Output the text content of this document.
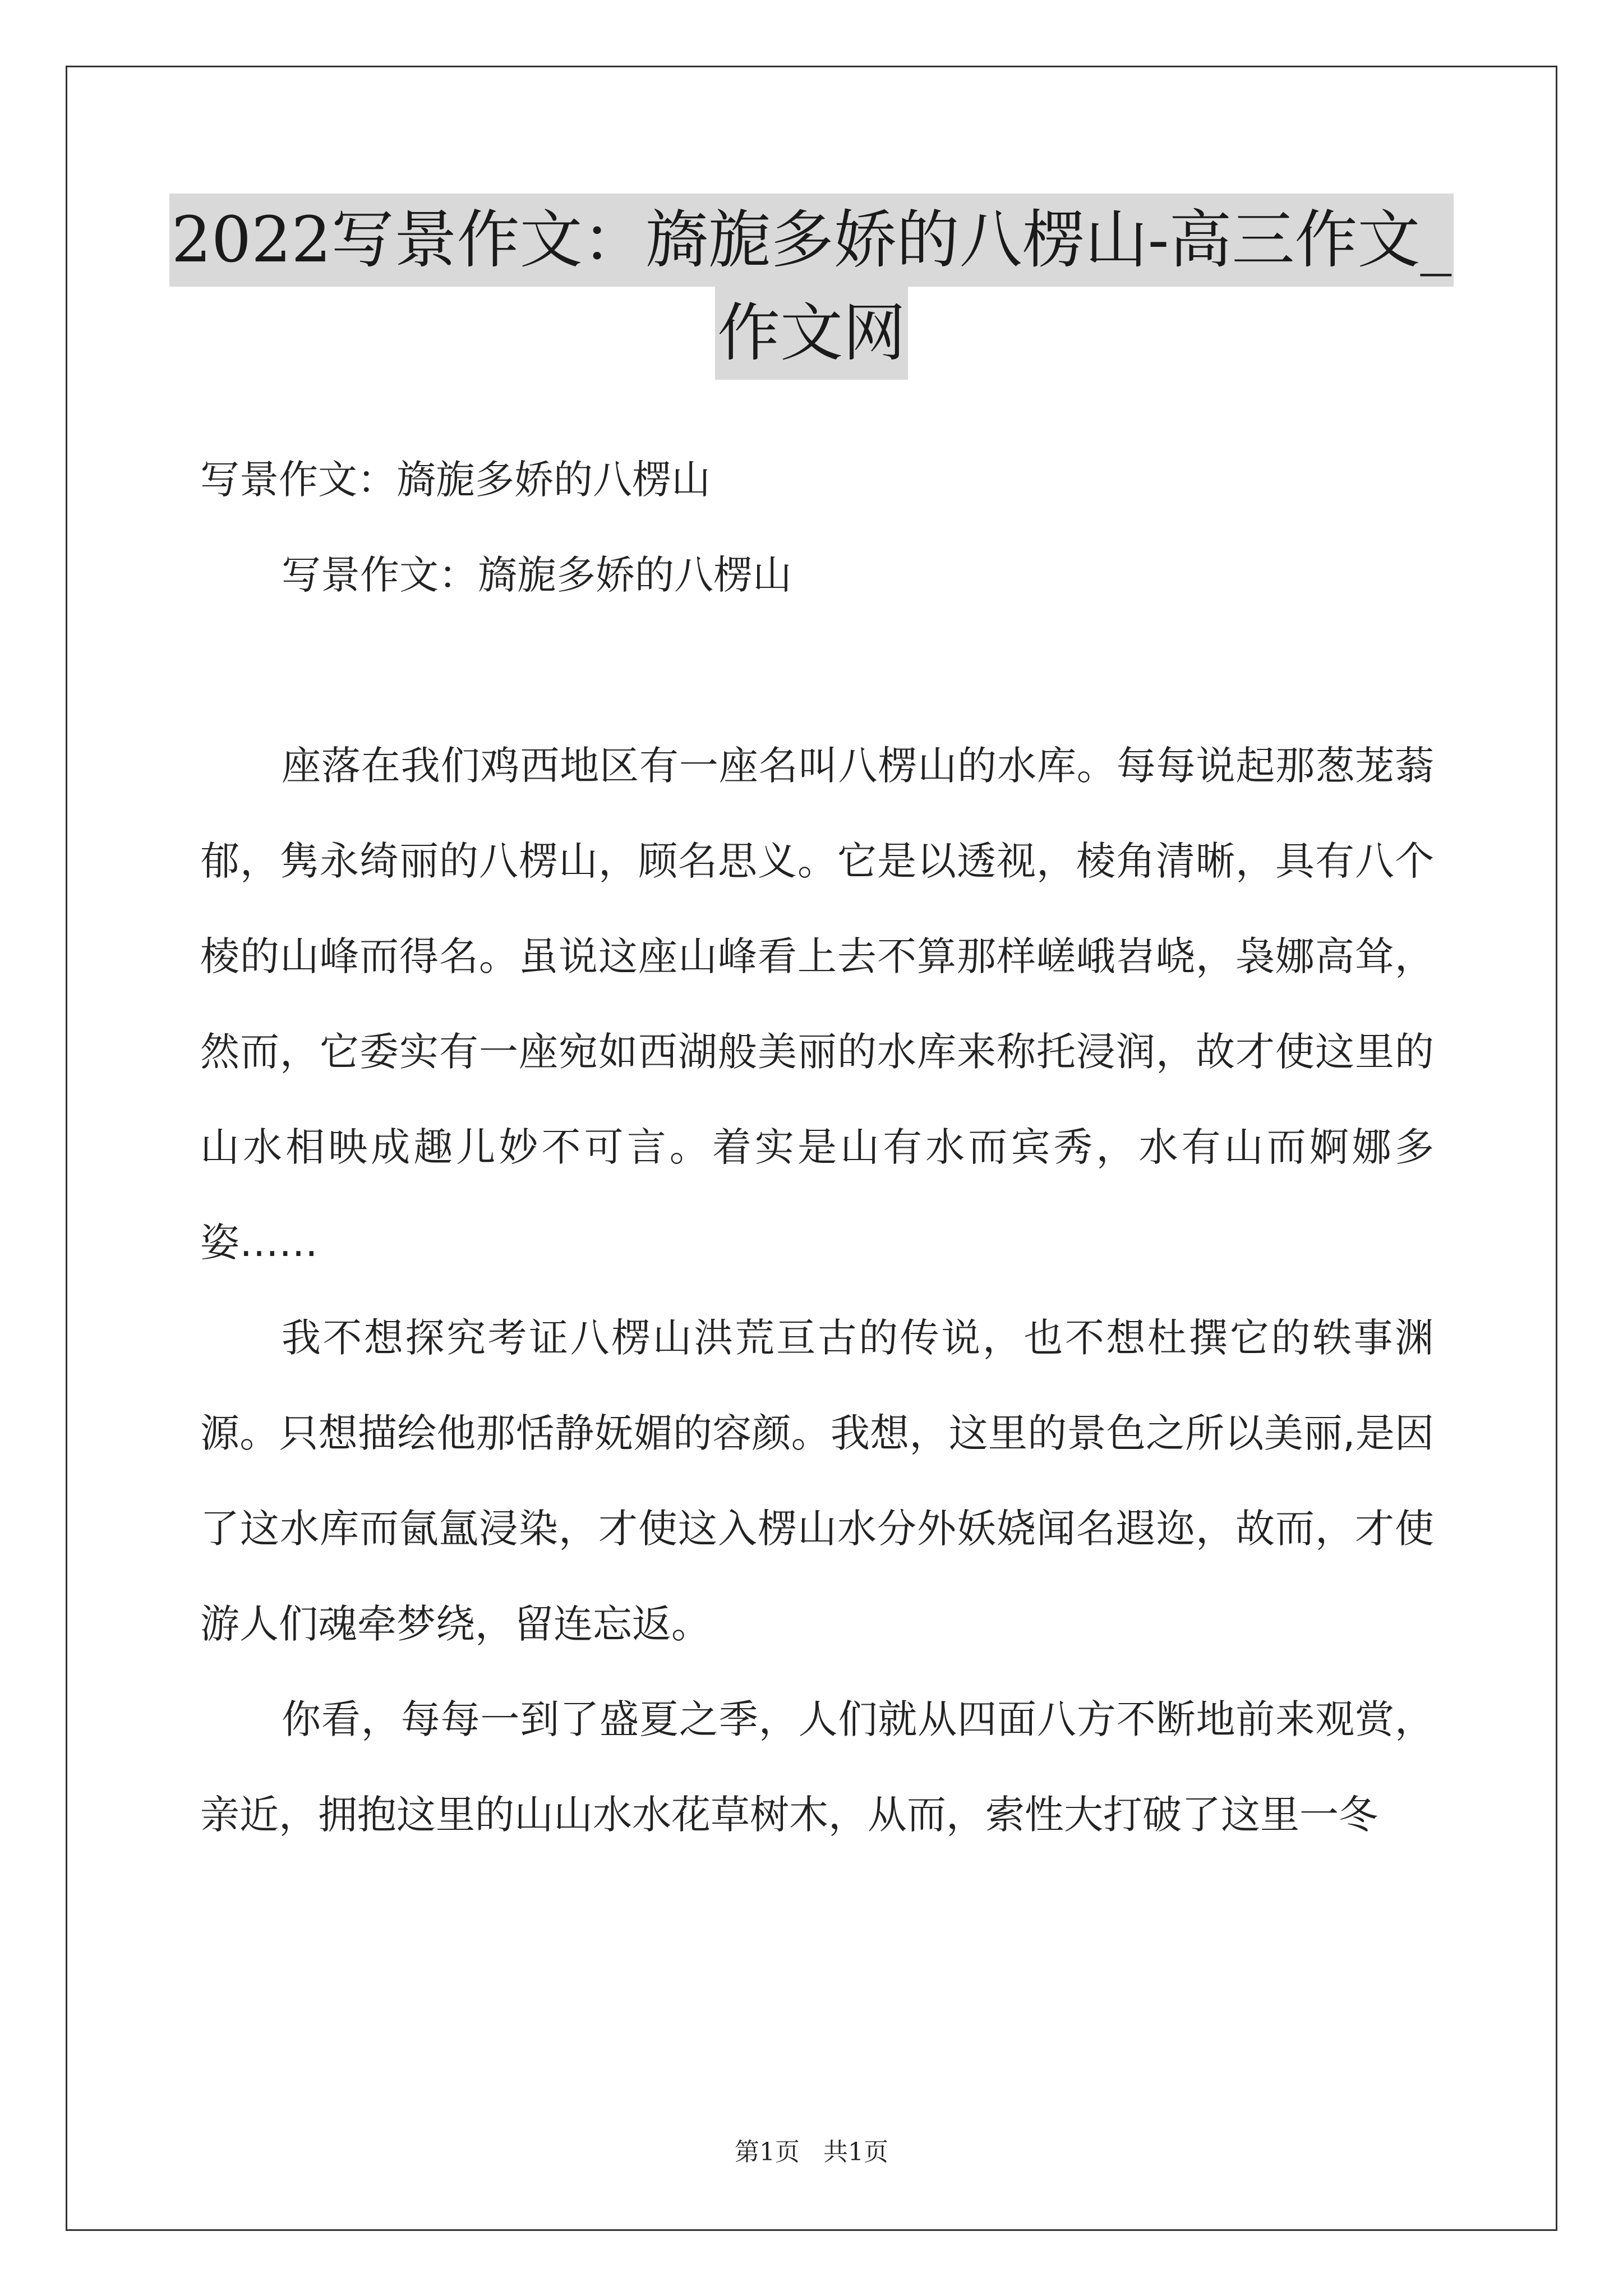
2022写景作文：旖旎多娇的八楞山-高三作文_
作文网

写景作文：旖旎多娇的八楞山

写景作文：旖旎多娇的八楞山

座落在我们鸡西地区有一座名叫八楞山的水库。每每说起那葱茏蓊郁，隽永绮丽的八楞山，顾名思义。它是以透视，棱角清晰，具有八个棱的山峰而得名。虽说这座山峰看上去不算那样嵯峨岧峣，袅娜高耸，然而，它委实有一座宛如西湖般美丽的水库来称托浸润，故才使这里的山水相映成趣儿妙不可言。着实是山有水而宾秀，水有山而婀娜多姿……

我不想探究考证八楞山洪荒亘古的传说，也不想杜撰它的轶事渊源。只想描绘他那恬静妩媚的容颜。我想，这里的景色之所以美丽,是因了这水库而氤氲浸染，才使这入楞山水分外妖娆闻名遐迩，故而，才使游人们魂牵梦绕，留连忘返。

你看，每每一到了盛夏之季，人们就从四面八方不断地前来观赏，亲近，拥抱这里的山山水水花草树木，从而，索性大打破了这里一冬

第1页 共1页
